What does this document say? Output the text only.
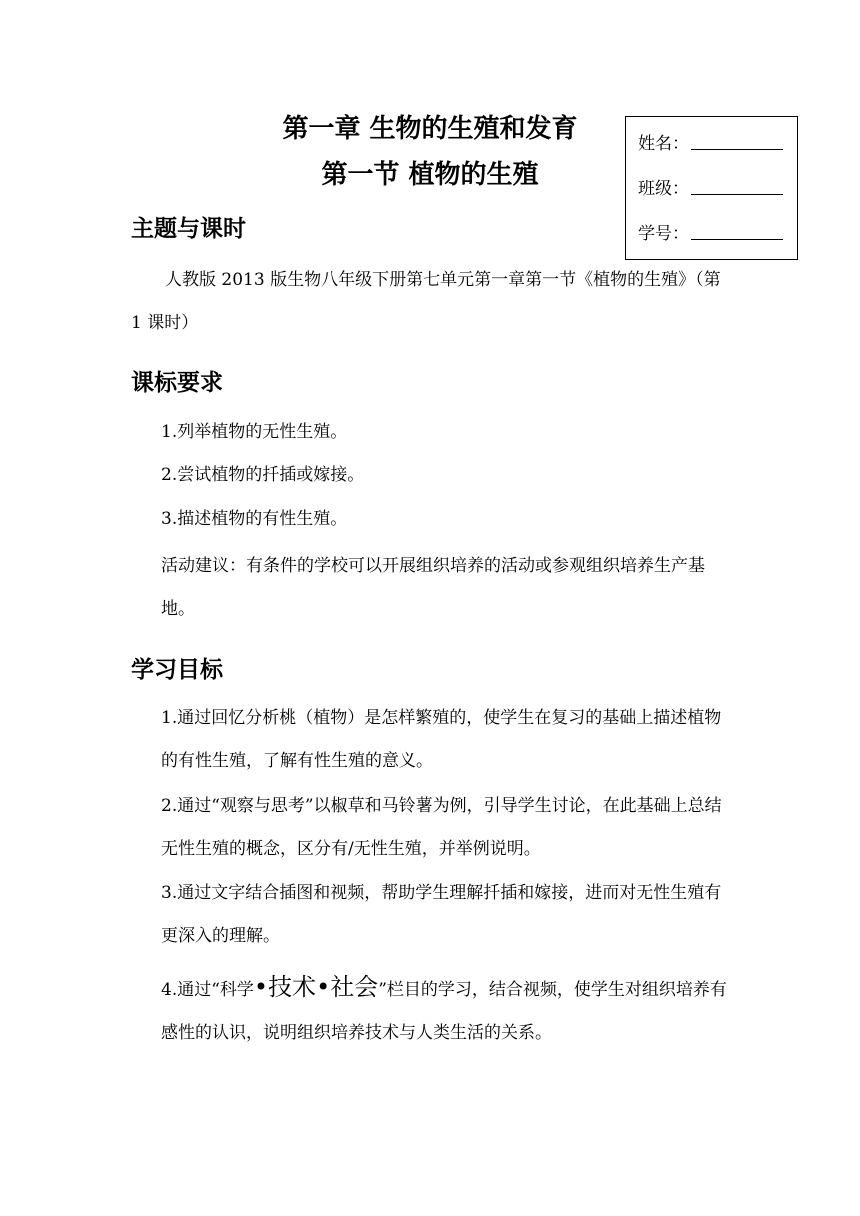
第一章 生物的生殖和发育
第一节 植物的生殖
姓名：
班级：
学号：
主题与课时
人教版 2013 版生物八年级下册第七单元第一章第一节《植物的生殖》（第 1 课时）
课标要求
1.列举植物的无性生殖。
2.尝试植物的扦插或嫁接。
3.描述植物的有性生殖。
活动建议：有条件的学校可以开展组织培养的活动或参观组织培养生产基地。
学习目标
1.通过回忆分析桃（植物）是怎样繁殖的，使学生在复习的基础上描述植物的有性生殖，了解有性生殖的意义。
2.通过“观察与思考”以椒草和马铃薯为例，引导学生讨论，在此基础上总结无性生殖的概念，区分有/无性生殖，并举例说明。
3.通过文字结合插图和视频，帮助学生理解扦插和嫁接，进而对无性生殖有更深入的理解。
4.通过“科学•技术•社会”栏目的学习，结合视频，使学生对组织培养有感性的认识，说明组织培养技术与人类生活的关系。
